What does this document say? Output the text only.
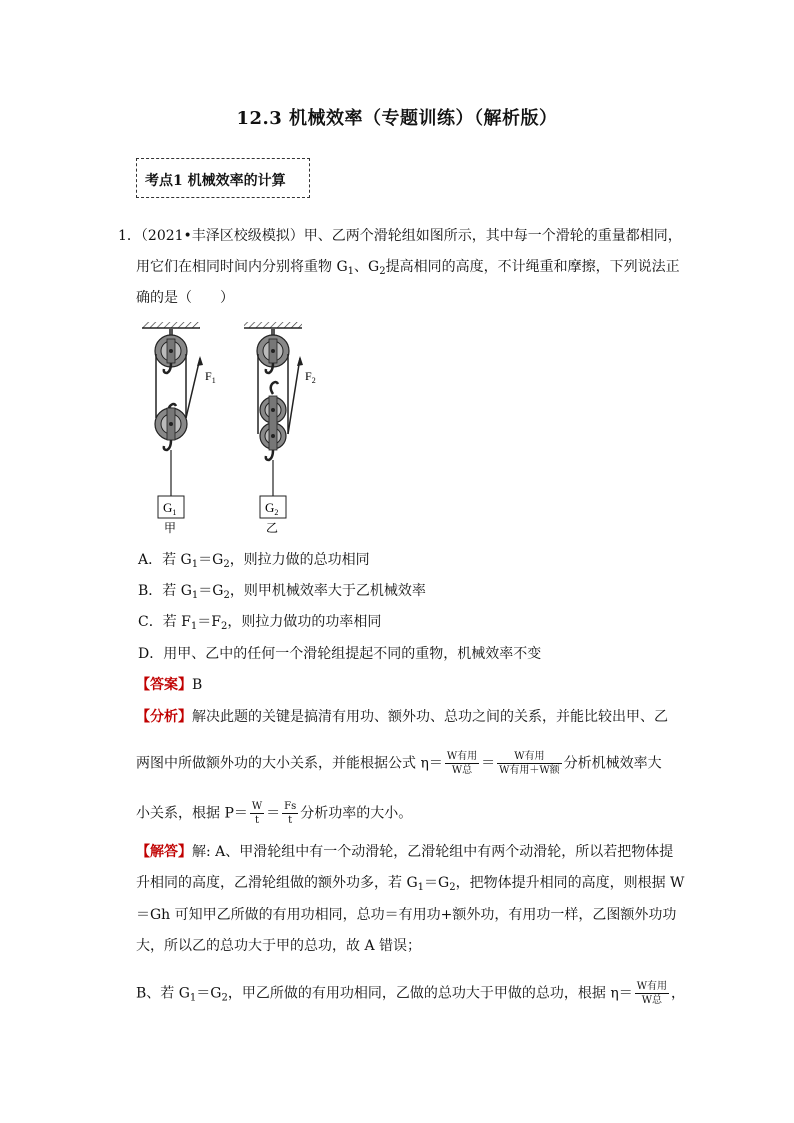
12.3 机械效率（专题训练）（解析版）
考点1 机械效率的计算
1．（2021•丰泽区校级模拟）甲、乙两个滑轮组如图所示，其中每一个滑轮的重量都相同，
用它们在相同时间内分别将重物 $G_1$、$G_2$提高相同的高度，不计绳重和摩擦，下列说法正
确的是（　　）
$F_1$
$G_1$
甲
$F_2$
$G_2$
乙
A．若 $G_1=G_2$，则拉力做的总功相同
B．若 $G_1=G_2$，则甲机械效率大于乙机械效率
C．若 $F_1=F_2$，则拉力做功的功率相同
D．用甲、乙中的任何一个滑轮组提起不同的重物，机械效率不变
【答案】B
【分析】解决此题的关键是搞清有用功、额外功、总功之间的关系，并能比较出甲、乙
两图中所做额外功的大小关系，并能根据公式 $\eta= \frac{\text{W有用}}{\text{W总}} = \frac{\text{W有用}}{\text{W有用＋W额}}$ 分析机械效率大
小关系，根据 $P= \frac{W}{t} = \frac{Fs}{t}$ 分析功率的大小。
【解答】解: A、甲滑轮组中有一个动滑轮，乙滑轮组中有两个动滑轮，所以若把物体提
升相同的高度，乙滑轮组做的额外功多，若 $G_1=G_2$，把物体提升相同的高度，则根据 W
＝Gh 可知甲乙所做的有用功相同，总功＝有用功+额外功，有用功一样，乙图额外功功
大，所以乙的总功大于甲的总功，故 A 错误；
B、若 $G_1=G_2$，甲乙所做的有用功相同，乙做的总功大于甲做的总功，根据 $\eta= \frac{\text{W有用}}{\text{W总}}$ ，
